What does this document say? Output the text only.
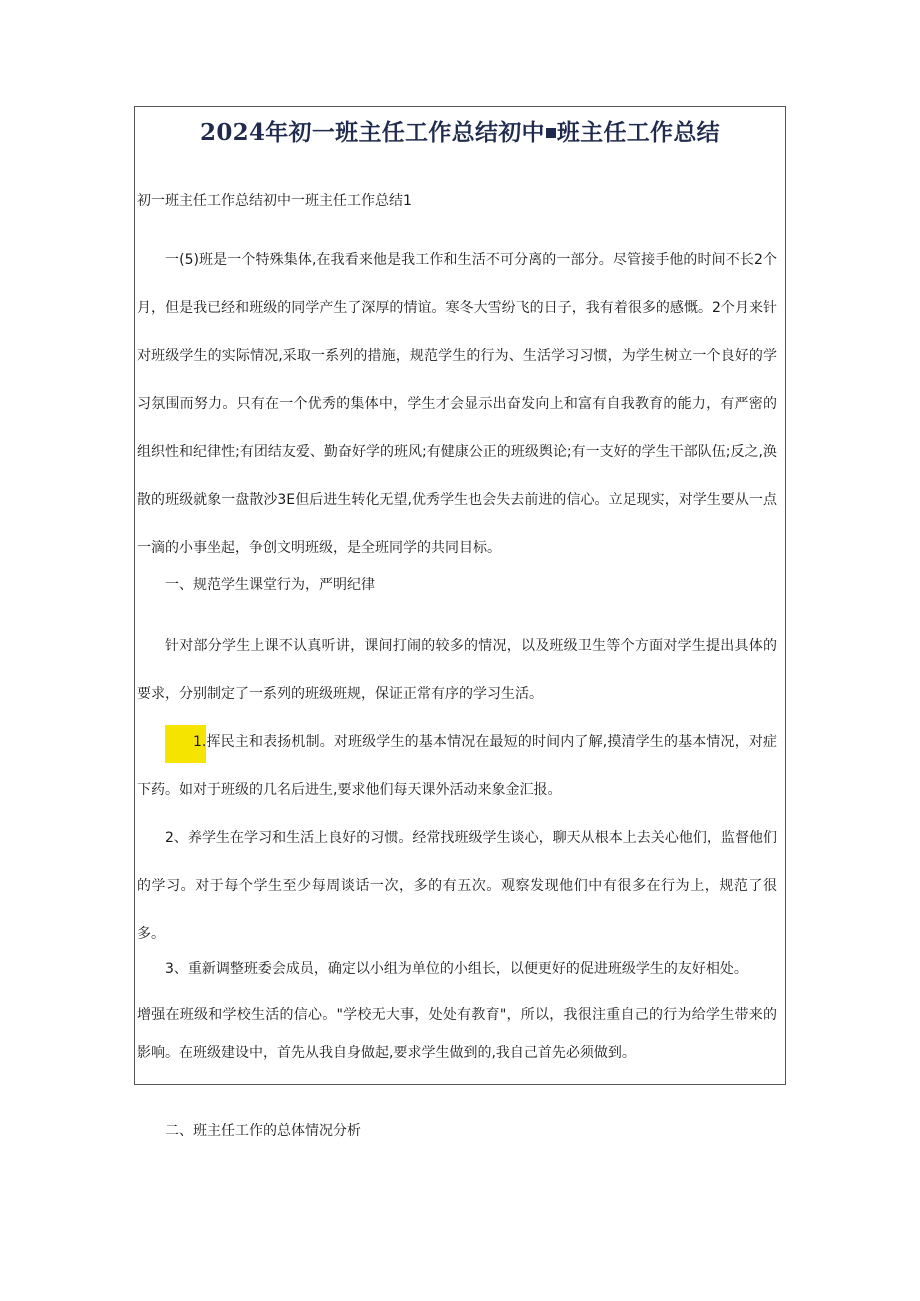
2024年初一班主任工作总结初中 班主任工作总结

初一班主任工作总结初中一班主任工作总结1

一(5)班是一个特殊集体,在我看来他是我工作和生活不可分离的一部分。尽管接手他的时间不长2个月，但是我已经和班级的同学产生了深厚的情谊。寒冬大雪纷飞的日子，我有着很多的感慨。2个月来针对班级学生的实际情况,采取一系列的措施，规范学生的行为、生活学习习惯，为学生树立一个良好的学习氛围而努力。只有在一个优秀的集体中，学生才会显示出奋发向上和富有自我教育的能力，有严密的组织性和纪律性;有团结友爱、勤奋好学的班风;有健康公正的班级舆论;有一支好的学生干部队伍;反之,涣散的班级就象一盘散沙3E但后进生转化无望,优秀学生也会失去前进的信心。立足现实，对学生要从一点一滴的小事坐起，争创文明班级，是全班同学的共同目标。

一、规范学生课堂行为，严明纪律

针对部分学生上课不认真听讲，课间打闹的较多的情况，以及班级卫生等个方面对学生提出具体的要求，分别制定了一系列的班级班规，保证正常有序的学习生活。

1.挥民主和表扬机制。对班级学生的基本情况在最短的时间内了解,摸清学生的基本情况，对症下药。如对于班级的几名后进生,要求他们每天课外活动来象金汇报。

2、养学生在学习和生活上良好的习惯。经常找班级学生谈心，聊天从根本上去关心他们，监督他们的学习。对于每个学生至少每周谈话一次，多的有五次。观察发现他们中有很多在行为上，规范了很多。

3、重新调整班委会成员，确定以小组为单位的小组长，以便更好的促进班级学生的友好相处。

增强在班级和学校生活的信心。"学校无大事，处处有教育"，所以，我很注重自己的行为给学生带来的影响。在班级建设中，首先从我自身做起,要求学生做到的,我自己首先必须做到。

二、班主任工作的总体情况分析
